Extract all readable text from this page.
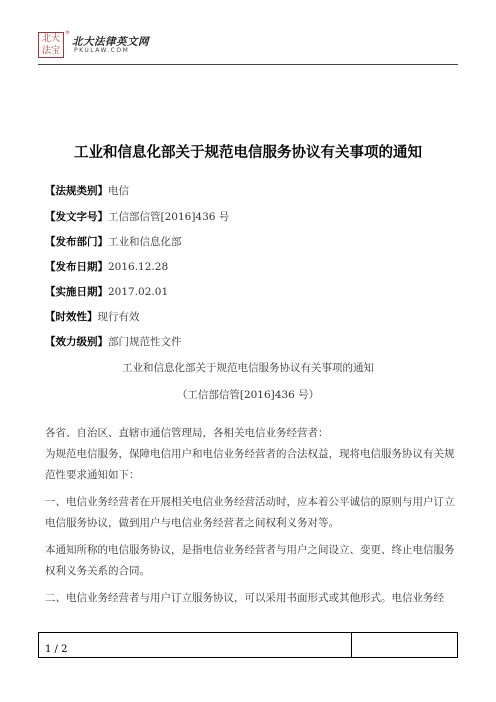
北大法宝
®
北大法律英文网
PKULAW.COM
工业和信息化部关于规范电信服务协议有关事项的通知
【法规类别】电信
【发文字号】工信部信管[2016]436 号
【发布部门】工业和信息化部
【发布日期】2016.12.28
【实施日期】2017.02.01
【时效性】现行有效
【效力级别】部门规范性文件
工业和信息化部关于规范电信服务协议有关事项的通知
（工信部信管[2016]436 号）
各省、自治区、直辖市通信管理局，各相关电信业务经营者：
为规范电信服务，保障电信用户和电信业务经营者的合法权益，现将电信服务协议有关规范性要求通知如下：
一、电信业务经营者在开展相关电信业务经营活动时，应本着公平诚信的原则与用户订立电信服务协议，做到用户与电信业务经营者之间权利义务对等。
本通知所称的电信服务协议，是指电信业务经营者与用户之间设立、变更、终止电信服务权利义务关系的合同。
二、电信业务经营者与用户订立服务协议，可以采用书面形式或其他形式。电信业务经
1 / 2
